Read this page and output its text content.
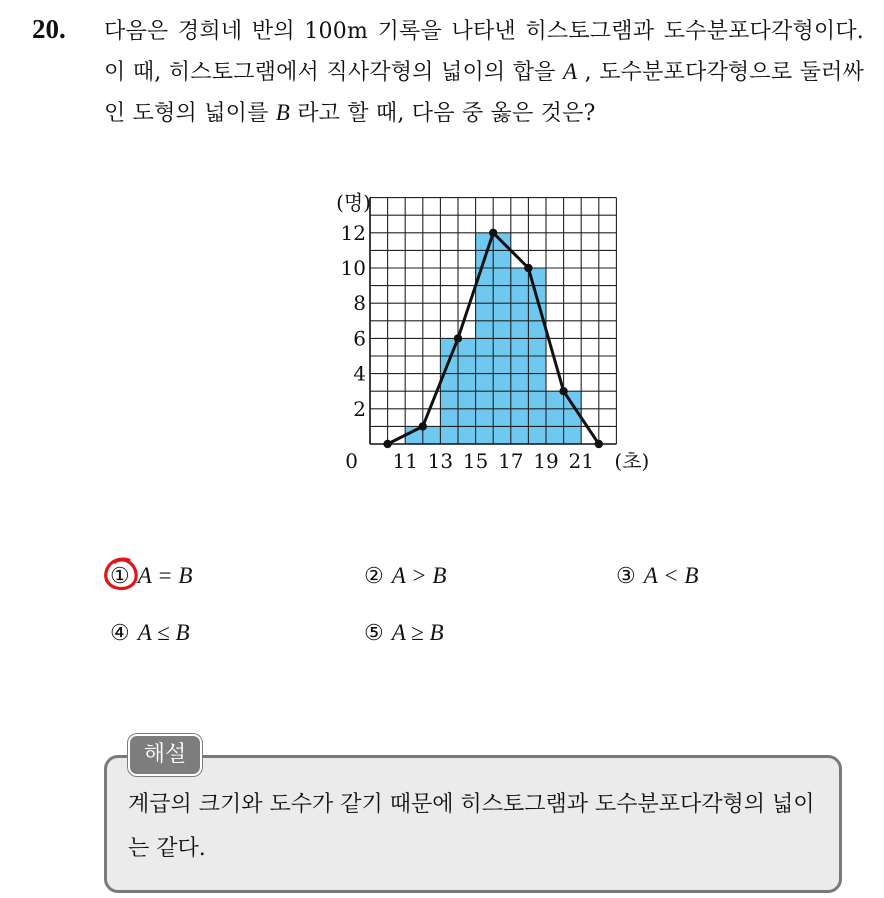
20. 다음은 경희네 반의 100m 기록을 나타낸 히스토그램과 도수분포다각형이다. 이 때, 히스토그램에서 직사각형의 넓이의 합을 A , 도수분포다각형으로 둘러싸인 도형의 넓이를 B 라고 할 때, 다음 중 옳은 것은?
2
4
6
8
10
12
11 13 15 17 19 21
0
(명)
(초)
① A = B	② A > B	③ A < B
④ A ≤ B	⑤ A ≥ B
해설
계급의 크기와 도수가 같기 때문에 히스토그램과 도수분포다각형의 넓이는 같다.
